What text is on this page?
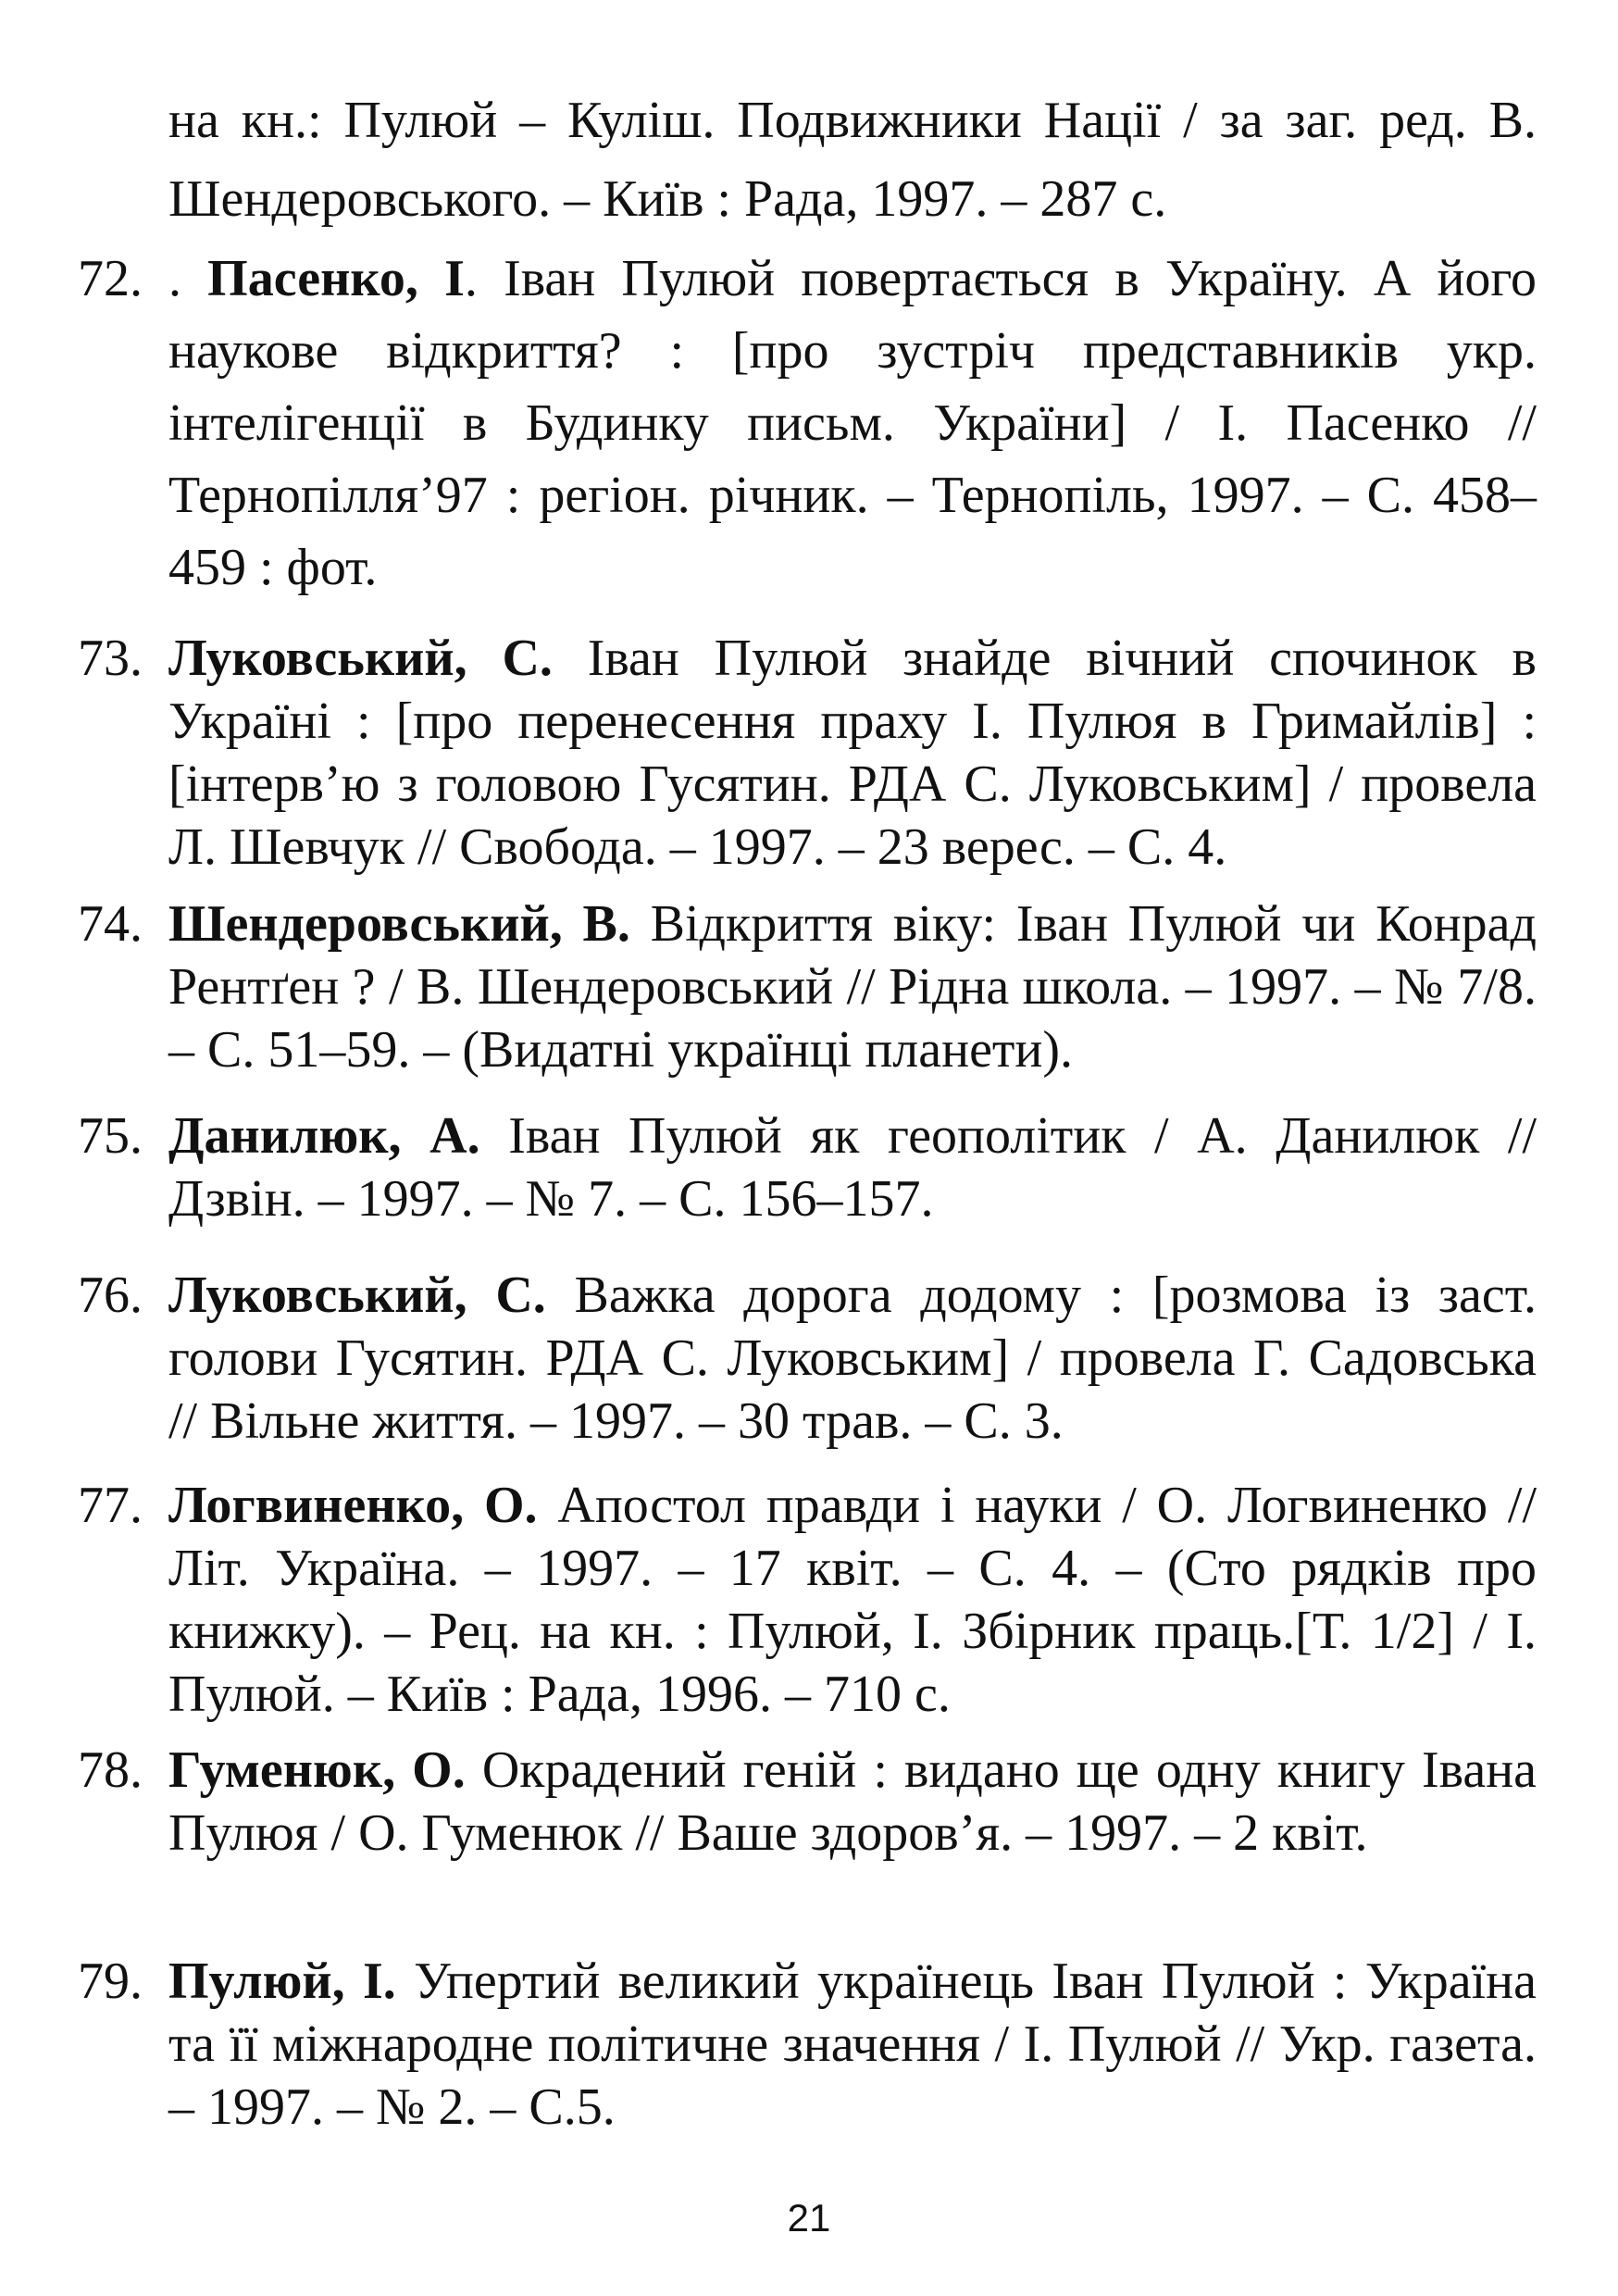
на кн.: Пулюй – Куліш. Подвижники Нації / за заг. ред. В. Шендеровського. – Київ : Рада, 1997. – 287 с.

72. . Пасенко, І. Іван Пулюй повертається в Україну. А його наукове відкриття? : [про зустріч представників укр. інтелігенції в Будинку письм. України] / І. Пасенко // Тернопілля’97 : регіон. річник. – Тернопіль, 1997. – С. 458–459 : фот.
73. Луковський, С. Іван Пулюй знайде вічний спочинок в Україні : [про перенесення праху І. Пулюя в Гримайлів] : [інтерв’ю з головою Гусятин. РДА С. Луковським] / провела Л. Шевчук // Свобода. – 1997. – 23 верес. – С. 4.
74. Шендеровський, В. Відкриття віку: Іван Пулюй чи Конрад Рентґен ? / В. Шендеровський // Рідна школа. – 1997. – № 7/8. – С. 51–59. – (Видатні українці планети).
75. Данилюк, А. Іван Пулюй як геополітик / А. Данилюк // Дзвін. – 1997. – № 7. – С. 156–157.
76. Луковський, С. Важка дорога додому : [розмова із заст. голови Гусятин. РДА С. Луковським] / провела Г. Садовська // Вільне життя. – 1997. – 30 трав. – С. 3.
77. Логвиненко, О. Апостол правди і науки / О. Логвиненко // Літ. Україна. – 1997. – 17 квіт. – С. 4. – (Сто рядків про книжку). – Рец. на кн. : Пулюй, І. Збірник праць.[Т. 1/2] / І. Пулюй. – Київ : Рада, 1996. – 710 с.
78. Гуменюк, О. Окрадений геній : видано ще одну книгу Івана Пулюя / О. Гуменюк // Ваше здоров’я. – 1997. – 2 квіт.
79. Пулюй, І. Упертий великий українець Іван Пулюй : Україна та її міжнародне політичне значення / І. Пулюй // Укр. газета. – 1997. – № 2. – С.5.
21
